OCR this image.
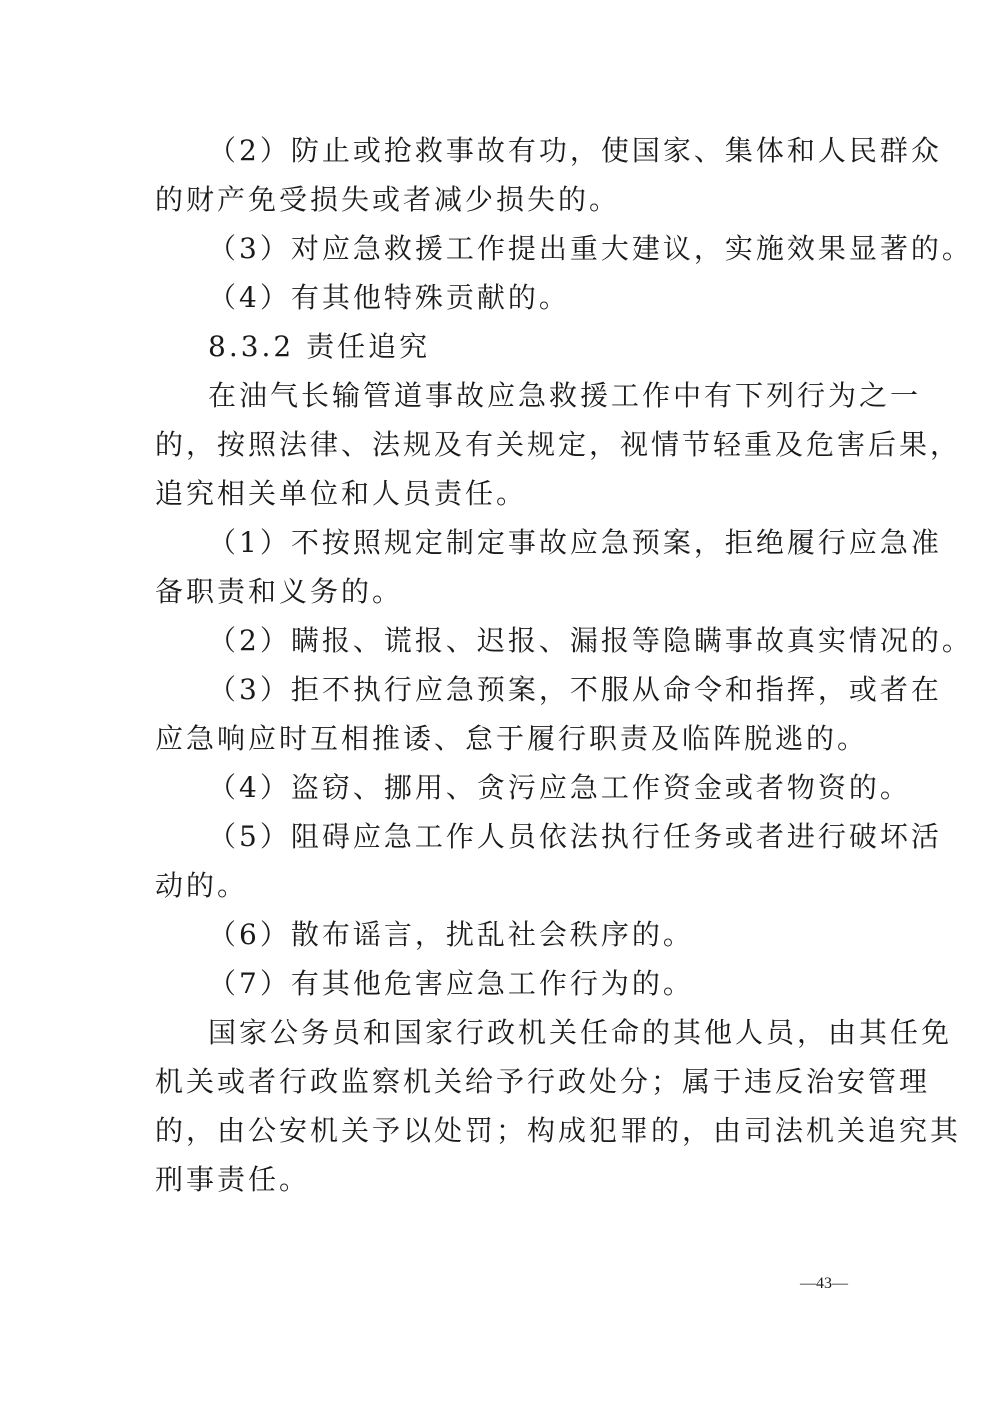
（2）防止或抢救事故有功，使国家、集体和人民群众
的财产免受损失或者减少损失的。
（3）对应急救援工作提出重大建议，实施效果显著的。
（4）有其他特殊贡献的。
8.3.2 责任追究
在油气长输管道事故应急救援工作中有下列行为之一
的，按照法律、法规及有关规定，视情节轻重及危害后果，
追究相关单位和人员责任。
（1）不按照规定制定事故应急预案，拒绝履行应急准
备职责和义务的。
（2）瞒报、谎报、迟报、漏报等隐瞒事故真实情况的。
（3）拒不执行应急预案，不服从命令和指挥，或者在
应急响应时互相推诿、怠于履行职责及临阵脱逃的。
（4）盗窃、挪用、贪污应急工作资金或者物资的。
（5）阻碍应急工作人员依法执行任务或者进行破坏活
动的。
（6）散布谣言，扰乱社会秩序的。
（7）有其他危害应急工作行为的。
国家公务员和国家行政机关任命的其他人员，由其任免
机关或者行政监察机关给予行政处分；属于违反治安管理
的，由公安机关予以处罚；构成犯罪的，由司法机关追究其
刑事责任。
—43—
